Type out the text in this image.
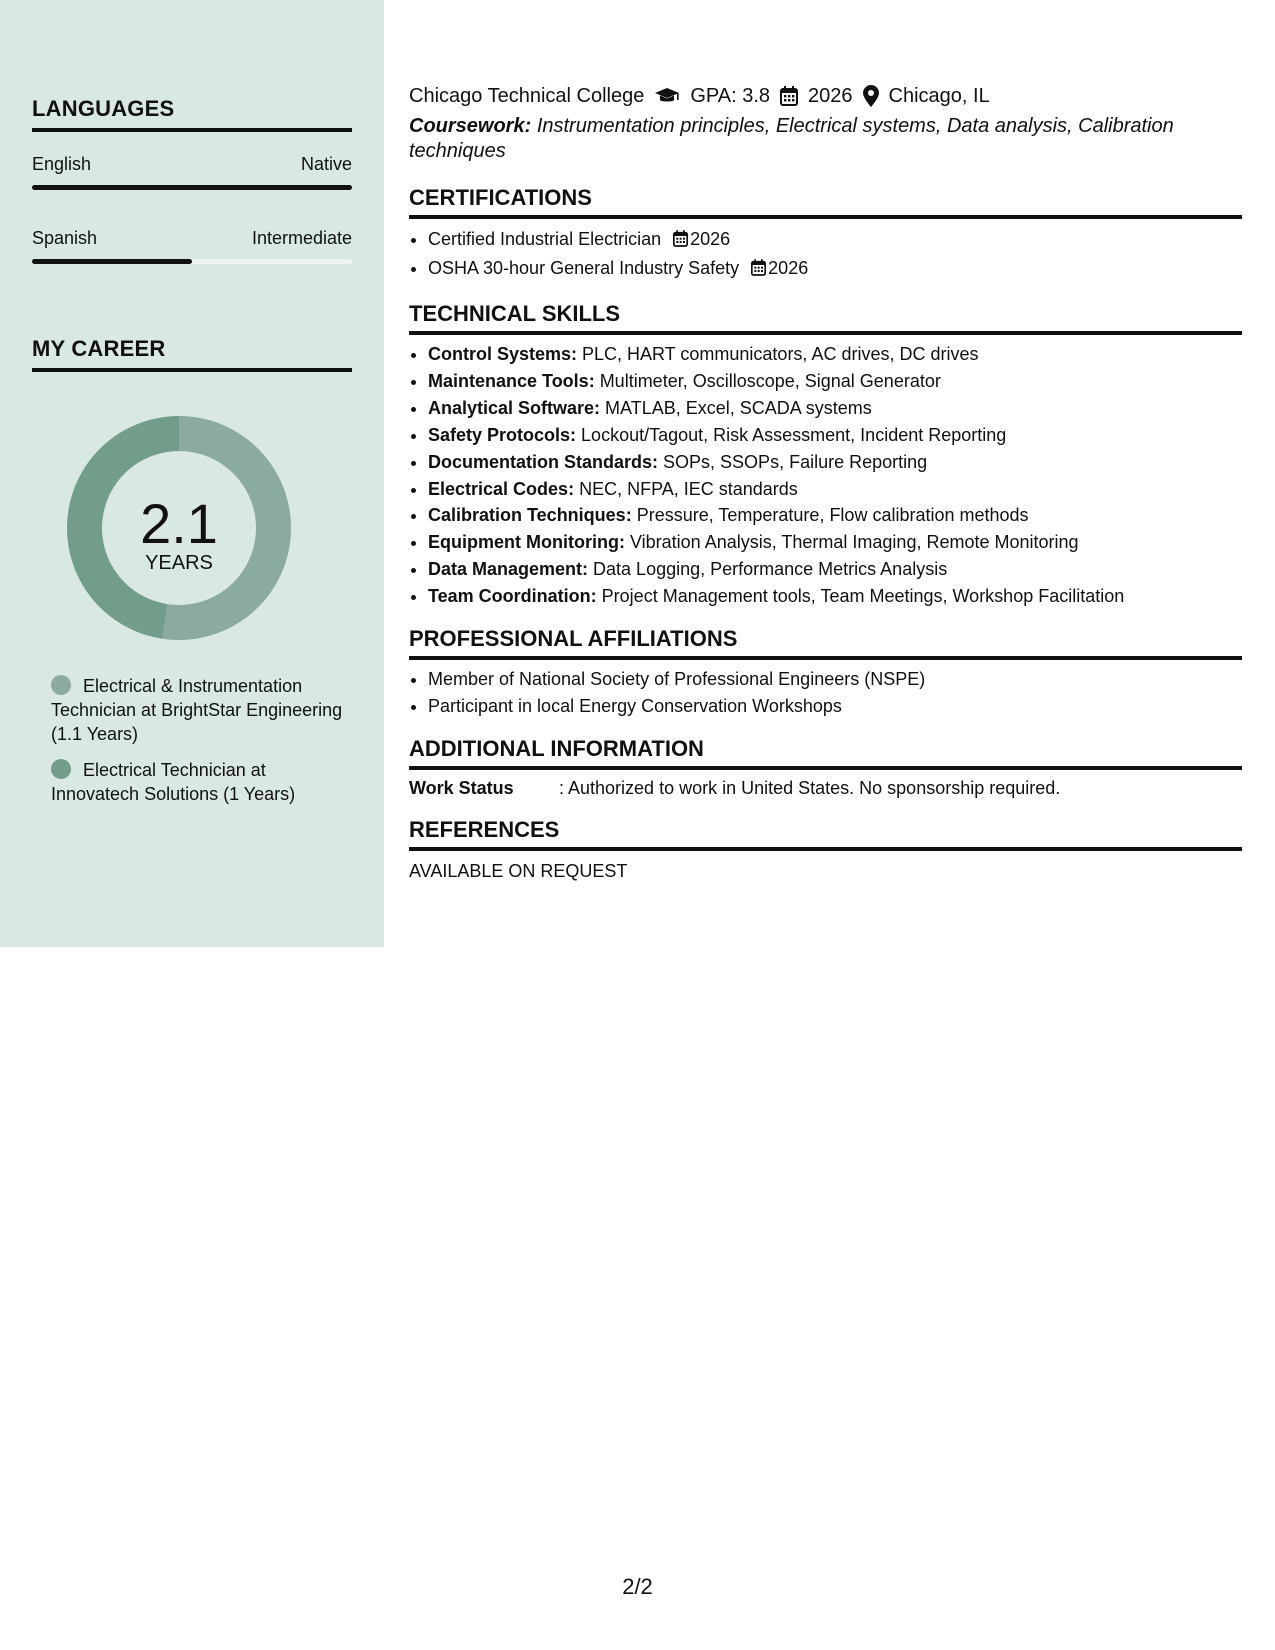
LANGUAGES
English	Native
Spanish	Intermediate
MY CAREER
2.1
YEARS
Electrical & Instrumentation Technician at BrightStar Engineering (1.1 Years)
Electrical Technician at Innovatech Solutions (1 Years)
Chicago Technical College GPA: 3.8 2026 Chicago, IL
Coursework: Instrumentation principles, Electrical systems, Data analysis, Calibration techniques
CERTIFICATIONS
• Certified Industrial Electrician 2026
• OSHA 30-hour General Industry Safety 2026
TECHNICAL SKILLS
• Control Systems: PLC, HART communicators, AC drives, DC drives
• Maintenance Tools: Multimeter, Oscilloscope, Signal Generator
• Analytical Software: MATLAB, Excel, SCADA systems
• Safety Protocols: Lockout/Tagout, Risk Assessment, Incident Reporting
• Documentation Standards: SOPs, SSOPs, Failure Reporting
• Electrical Codes: NEC, NFPA, IEC standards
• Calibration Techniques: Pressure, Temperature, Flow calibration methods
• Equipment Monitoring: Vibration Analysis, Thermal Imaging, Remote Monitoring
• Data Management: Data Logging, Performance Metrics Analysis
• Team Coordination: Project Management tools, Team Meetings, Workshop Facilitation
PROFESSIONAL AFFILIATIONS
• Member of National Society of Professional Engineers (NSPE)
• Participant in local Energy Conservation Workshops
ADDITIONAL INFORMATION
Work Status	: Authorized to work in United States. No sponsorship required.
REFERENCES
AVAILABLE ON REQUEST
2/2
